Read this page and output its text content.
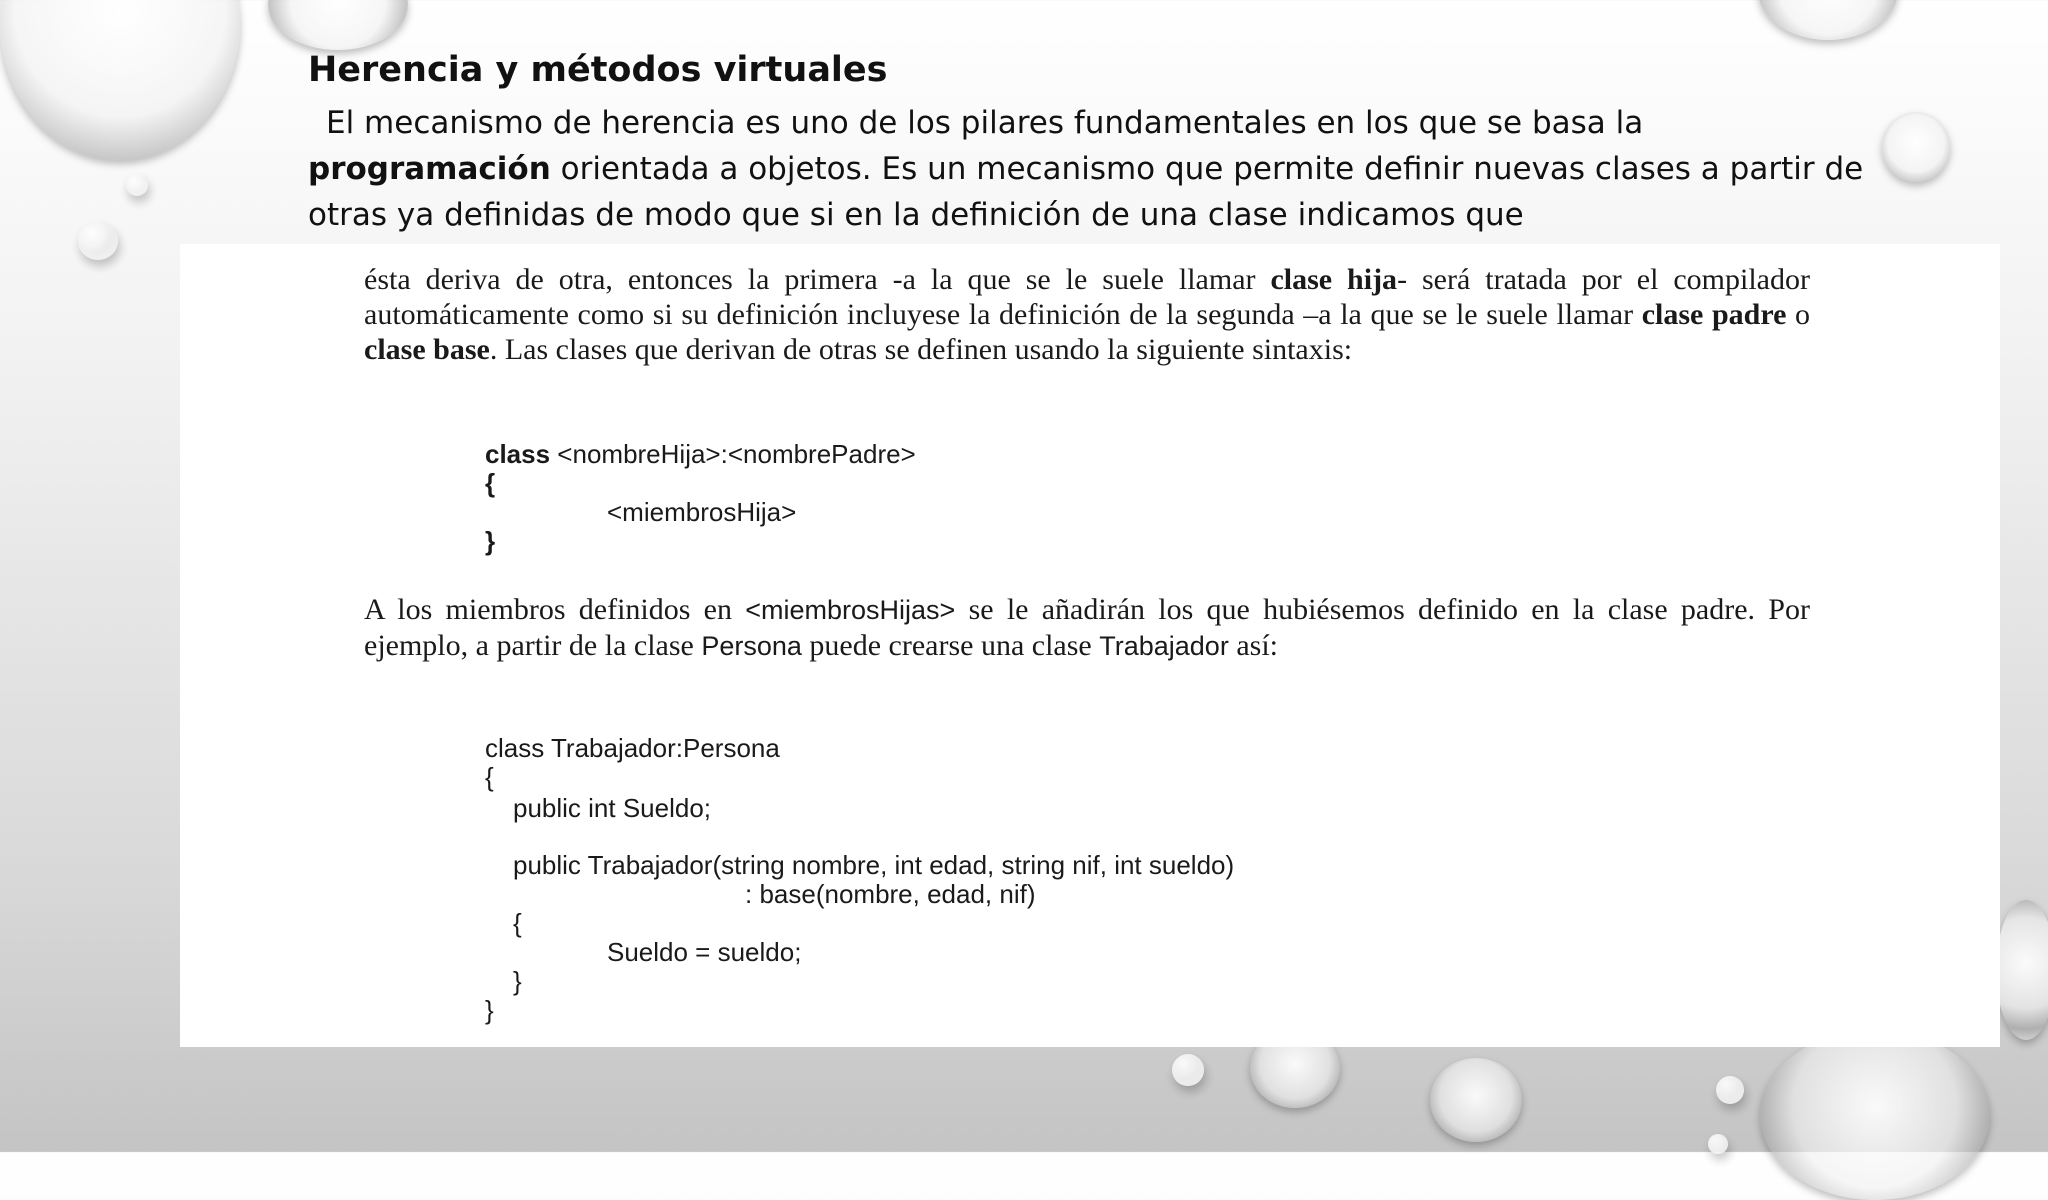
Herencia y métodos virtuales
El mecanismo de herencia es uno de los pilares fundamentales en los que se basa la programación orientada a objetos. Es un mecanismo que permite definir nuevas clases a partir de otras ya definidas de modo que si en la definición de una clase indicamos que

ésta deriva de otra, entonces la primera -a la que se le suele llamar clase hija- será tratada por el compilador automáticamente como si su definición incluyese la definición de la segunda –a la que se le suele llamar clase padre o clase base. Las clases que derivan de otras se definen usando la siguiente sintaxis:

class <nombreHija>:<nombrePadre>
{
<miembrosHija>
}

A los miembros definidos en <miembrosHijas> se le añadirán los que hubiésemos definido en la clase padre. Por ejemplo, a partir de la clase Persona puede crearse una clase Trabajador así:

class Trabajador:Persona
{
public int Sueldo;
public Trabajador(string nombre, int edad, string nif, int sueldo)
: base(nombre, edad, nif)
{
Sueldo = sueldo;
}
}
